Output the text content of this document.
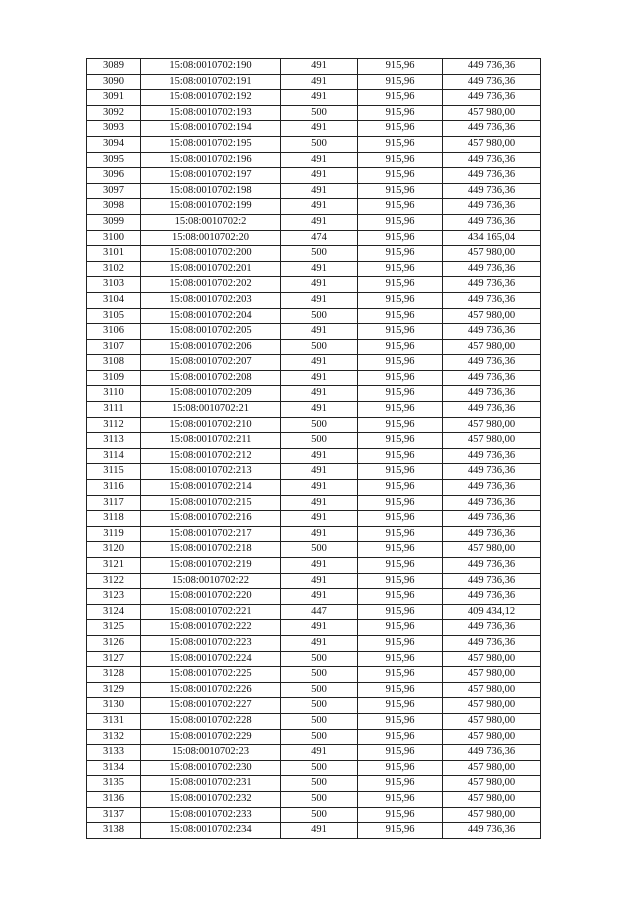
3089	15:08:0010702:190	491	915,96	449 736,36
3090	15:08:0010702:191	491	915,96	449 736,36
3091	15:08:0010702:192	491	915,96	449 736,36
3092	15:08:0010702:193	500	915,96	457 980,00
3093	15:08:0010702:194	491	915,96	449 736,36
3094	15:08:0010702:195	500	915,96	457 980,00
3095	15:08:0010702:196	491	915,96	449 736,36
3096	15:08:0010702:197	491	915,96	449 736,36
3097	15:08:0010702:198	491	915,96	449 736,36
3098	15:08:0010702:199	491	915,96	449 736,36
3099	15:08:0010702:2	491	915,96	449 736,36
3100	15:08:0010702:20	474	915,96	434 165,04
3101	15:08:0010702:200	500	915,96	457 980,00
3102	15:08:0010702:201	491	915,96	449 736,36
3103	15:08:0010702:202	491	915,96	449 736,36
3104	15:08:0010702:203	491	915,96	449 736,36
3105	15:08:0010702:204	500	915,96	457 980,00
3106	15:08:0010702:205	491	915,96	449 736,36
3107	15:08:0010702:206	500	915,96	457 980,00
3108	15:08:0010702:207	491	915,96	449 736,36
3109	15:08:0010702:208	491	915,96	449 736,36
3110	15:08:0010702:209	491	915,96	449 736,36
3111	15:08:0010702:21	491	915,96	449 736,36
3112	15:08:0010702:210	500	915,96	457 980,00
3113	15:08:0010702:211	500	915,96	457 980,00
3114	15:08:0010702:212	491	915,96	449 736,36
3115	15:08:0010702:213	491	915,96	449 736,36
3116	15:08:0010702:214	491	915,96	449 736,36
3117	15:08:0010702:215	491	915,96	449 736,36
3118	15:08:0010702:216	491	915,96	449 736,36
3119	15:08:0010702:217	491	915,96	449 736,36
3120	15:08:0010702:218	500	915,96	457 980,00
3121	15:08:0010702:219	491	915,96	449 736,36
3122	15:08:0010702:22	491	915,96	449 736,36
3123	15:08:0010702:220	491	915,96	449 736,36
3124	15:08:0010702:221	447	915,96	409 434,12
3125	15:08:0010702:222	491	915,96	449 736,36
3126	15:08:0010702:223	491	915,96	449 736,36
3127	15:08:0010702:224	500	915,96	457 980,00
3128	15:08:0010702:225	500	915,96	457 980,00
3129	15:08:0010702:226	500	915,96	457 980,00
3130	15:08:0010702:227	500	915,96	457 980,00
3131	15:08:0010702:228	500	915,96	457 980,00
3132	15:08:0010702:229	500	915,96	457 980,00
3133	15:08:0010702:23	491	915,96	449 736,36
3134	15:08:0010702:230	500	915,96	457 980,00
3135	15:08:0010702:231	500	915,96	457 980,00
3136	15:08:0010702:232	500	915,96	457 980,00
3137	15:08:0010702:233	500	915,96	457 980,00
3138	15:08:0010702:234	491	915,96	449 736,36
